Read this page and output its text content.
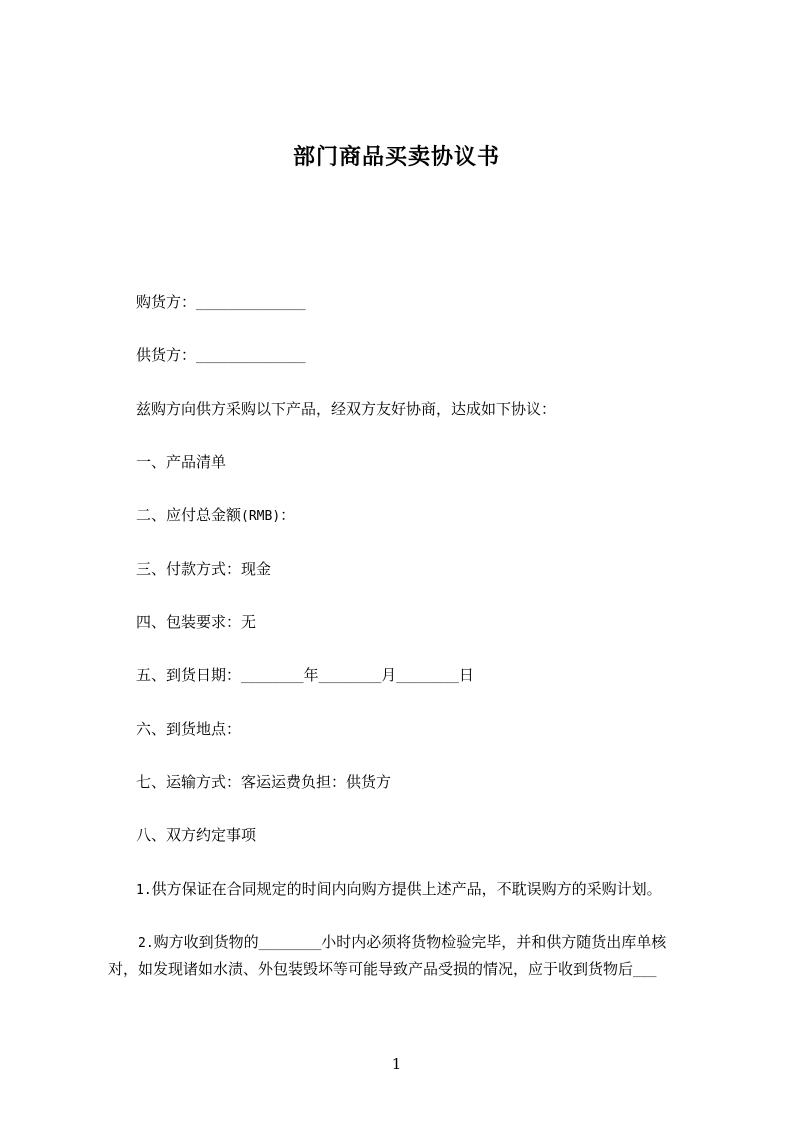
部门商品买卖协议书
购货方：______________
供货方：______________
兹购方向供方采购以下产品，经双方友好协商，达成如下协议：
一、产品清单
二、应付总金额(RMB)：
三、付款方式：现金
四、包装要求：无
五、到货日期：________年________月________日
六、到货地点：
七、运输方式：客运运费负担：供货方
八、双方约定事项
1.供方保证在合同规定的时间内向购方提供上述产品，不耽误购方的采购计划。
2.购方收到货物的________小时内必须将货物检验完毕，并和供方随货出库单核
对，如发现诸如水渍、外包装毁坏等可能导致产品受损的情况，应于收到货物后___
1
